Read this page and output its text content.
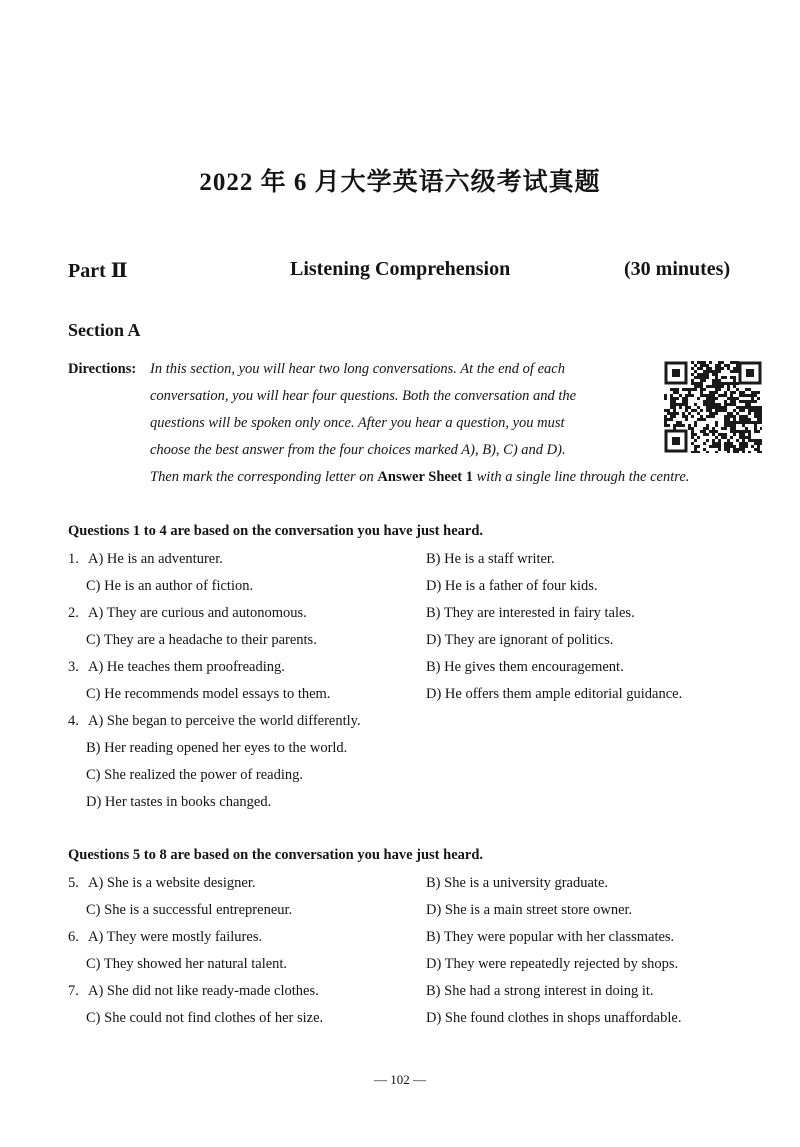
2022 年 6 月大学英语六级考试真题
Part Ⅱ	Listening Comprehension	(30 minutes)
Section A
Directions: In this section, you will hear two long conversations. At the end of each
conversation, you will hear four questions. Both the conversation and the
questions will be spoken only once. After you hear a question, you must
choose the best answer from the four choices marked A), B), C) and D).
Then mark the corresponding letter on Answer Sheet 1 with a single line through the centre.
Questions 1 to 4 are based on the conversation you have just heard.
1. A) He is an adventurer.	B) He is a staff writer.
C) He is an author of fiction.	D) He is a father of four kids.
2. A) They are curious and autonomous.	B) They are interested in fairy tales.
C) They are a headache to their parents.	D) They are ignorant of politics.
3. A) He teaches them proofreading.	B) He gives them encouragement.
C) He recommends model essays to them.	D) He offers them ample editorial guidance.
4. A) She began to perceive the world differently.
B) Her reading opened her eyes to the world.
C) She realized the power of reading.
D) Her tastes in books changed.
Questions 5 to 8 are based on the conversation you have just heard.
5. A) She is a website designer.	B) She is a university graduate.
C) She is a successful entrepreneur.	D) She is a main street store owner.
6. A) They were mostly failures.	B) They were popular with her classmates.
C) They showed her natural talent.	D) They were repeatedly rejected by shops.
7. A) She did not like ready-made clothes.	B) She had a strong interest in doing it.
C) She could not find clothes of her size.	D) She found clothes in shops unaffordable.
— 102 —
